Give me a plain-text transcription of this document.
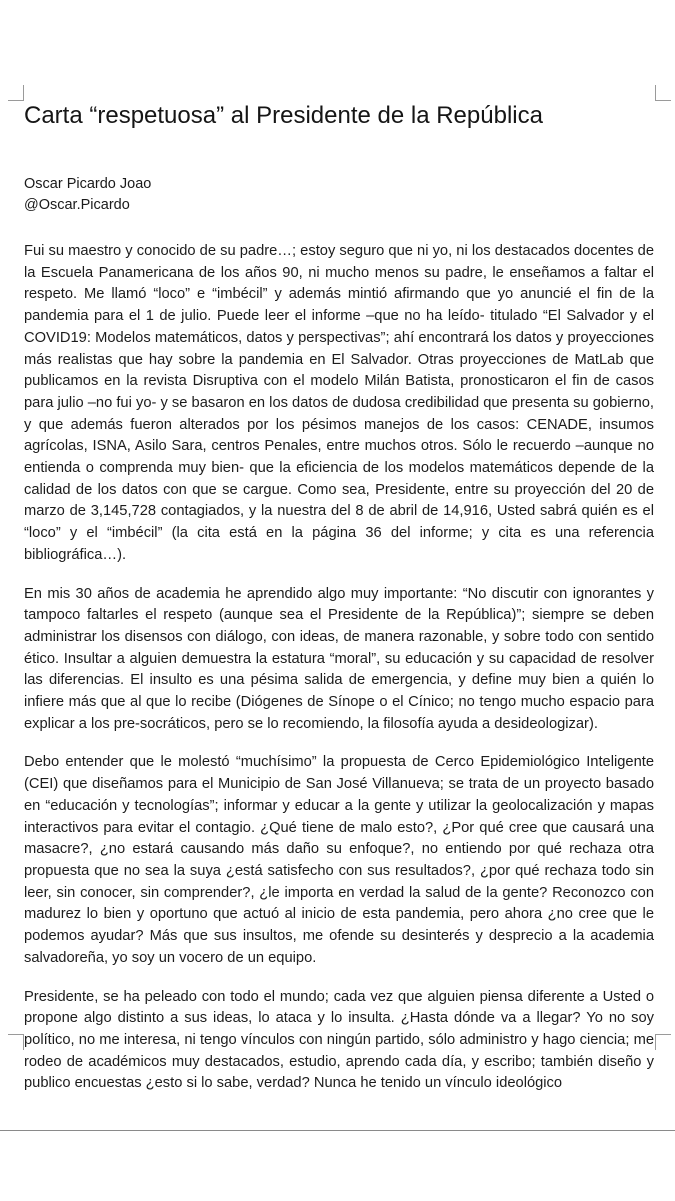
Carta “respetuosa” al Presidente de la República
Oscar Picardo Joao
@Oscar.Picardo

Fui su maestro y conocido de su padre…; estoy seguro que ni yo, ni los destacados docentes de la Escuela Panamericana de los años 90, ni mucho menos su padre, le enseñamos a faltar el respeto. Me llamó “loco” e “imbécil” y además mintió afirmando que yo anuncié el fin de la pandemia para el 1 de julio. Puede leer el informe –que no ha leído- titulado “El Salvador y el COVID19: Modelos matemáticos, datos y perspectivas”; ahí encontrará los datos y proyecciones más realistas que hay sobre la pandemia en El Salvador. Otras proyecciones de MatLab que publicamos en la revista Disruptiva con el modelo Milán Batista, pronosticaron el fin de casos para julio –no fui yo- y se basaron en los datos de dudosa credibilidad que presenta su gobierno, y que además fueron alterados por los pésimos manejos de los casos: CENADE, insumos agrícolas, ISNA, Asilo Sara, centros Penales, entre muchos otros. Sólo le recuerdo –aunque no entienda o comprenda muy bien- que la eficiencia de los modelos matemáticos depende de la calidad de los datos con que se cargue. Como sea, Presidente, entre su proyección del 20 de marzo de 3,145,728 contagiados, y la nuestra del 8 de abril de 14,916, Usted sabrá quién es el “loco” y el “imbécil” (la cita está en la página 36 del informe; y cita es una referencia bibliográfica…).

En mis 30 años de academia he aprendido algo muy importante: “No discutir con ignorantes y tampoco faltarles el respeto (aunque sea el Presidente de la República)”; siempre se deben administrar los disensos con diálogo, con ideas, de manera razonable, y sobre todo con sentido ético. Insultar a alguien demuestra la estatura “moral”, su educación y su capacidad de resolver las diferencias. El insulto es una pésima salida de emergencia, y define muy bien a quién lo infiere más que al que lo recibe (Diógenes de Sínope o el Cínico; no tengo mucho espacio para explicar a los pre-socráticos, pero se lo recomiendo, la filosofía ayuda a desideologizar).

Debo entender que le molestó “muchísimo” la propuesta de Cerco Epidemiológico Inteligente (CEI) que diseñamos para el Municipio de San José Villanueva; se trata de un proyecto basado en “educación y tecnologías”; informar y educar a la gente y utilizar la geolocalización y mapas interactivos para evitar el contagio. ¿Qué tiene de malo esto?, ¿Por qué cree que causará una masacre?, ¿no estará causando más daño su enfoque?, no entiendo por qué rechaza otra propuesta que no sea la suya ¿está satisfecho con sus resultados?, ¿por qué rechaza todo sin leer, sin conocer, sin comprender?, ¿le importa en verdad la salud de la gente? Reconozco con madurez lo bien y oportuno que actuó al inicio de esta pandemia, pero ahora ¿no cree que le podemos ayudar? Más que sus insultos, me ofende su desinterés y desprecio a la academia salvadoreña, yo soy un vocero de un equipo.

Presidente, se ha peleado con todo el mundo; cada vez que alguien piensa diferente a Usted o propone algo distinto a sus ideas, lo ataca y lo insulta. ¿Hasta dónde va a llegar? Yo no soy político, no me interesa, ni tengo vínculos con ningún partido, sólo administro y hago ciencia; me rodeo de académicos muy destacados, estudio, aprendo cada día, y escribo; también diseño y publico encuestas ¿esto si lo sabe, verdad? Nunca he tenido un vínculo ideológico
